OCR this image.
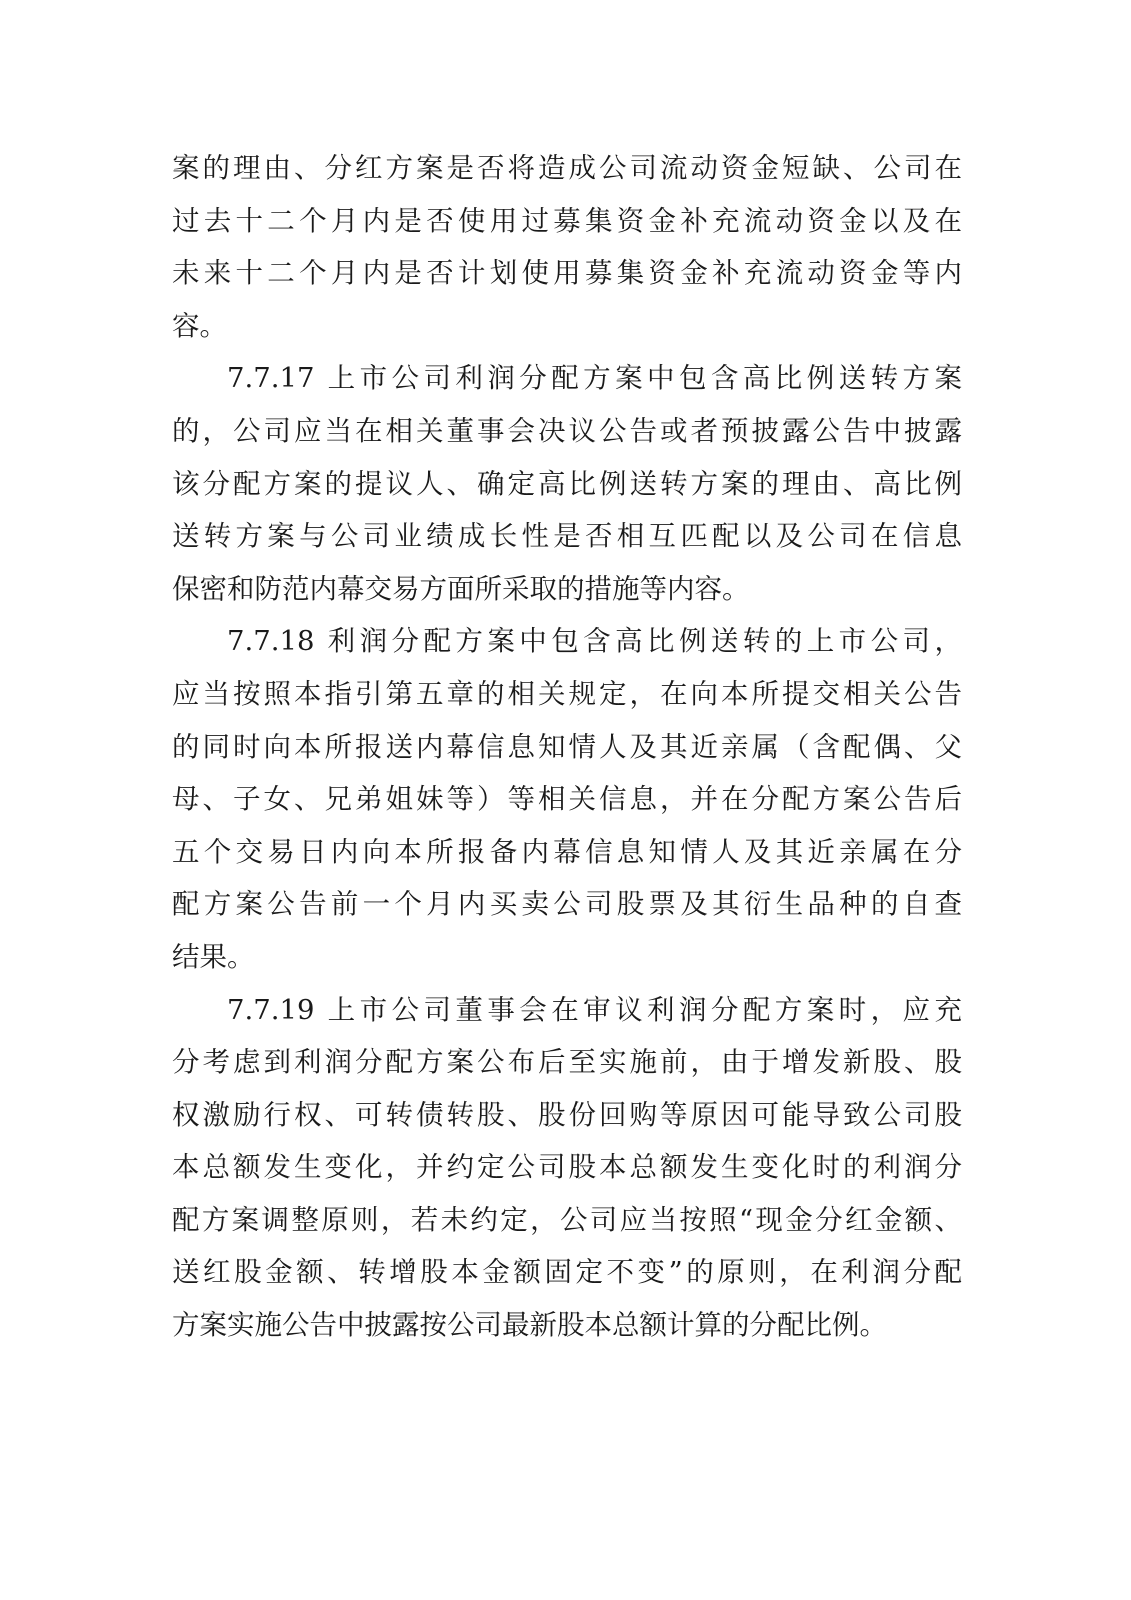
案的理由、分红方案是否将造成公司流动资金短缺、公司在
过去十二个月内是否使用过募集资金补充流动资金以及在
未来十二个月内是否计划使用募集资金补充流动资金等内
容。
7.7.17 上市公司利润分配方案中包含高比例送转方案
的，公司应当在相关董事会决议公告或者预披露公告中披露
该分配方案的提议人、确定高比例送转方案的理由、高比例
送转方案与公司业绩成长性是否相互匹配以及公司在信息
保密和防范内幕交易方面所采取的措施等内容。
7.7.18 利润分配方案中包含高比例送转的上市公司，
应当按照本指引第五章的相关规定，在向本所提交相关公告
的同时向本所报送内幕信息知情人及其近亲属（含配偶、父
母、子女、兄弟姐妹等）等相关信息，并在分配方案公告后
五个交易日内向本所报备内幕信息知情人及其近亲属在分
配方案公告前一个月内买卖公司股票及其衍生品种的自查
结果。
7.7.19 上市公司董事会在审议利润分配方案时，应充
分考虑到利润分配方案公布后至实施前，由于增发新股、股
权激励行权、可转债转股、股份回购等原因可能导致公司股
本总额发生变化，并约定公司股本总额发生变化时的利润分
配方案调整原则，若未约定，公司应当按照“现金分红金额、
送红股金额、转增股本金额固定不变”的原则，在利润分配
方案实施公告中披露按公司最新股本总额计算的分配比例。
